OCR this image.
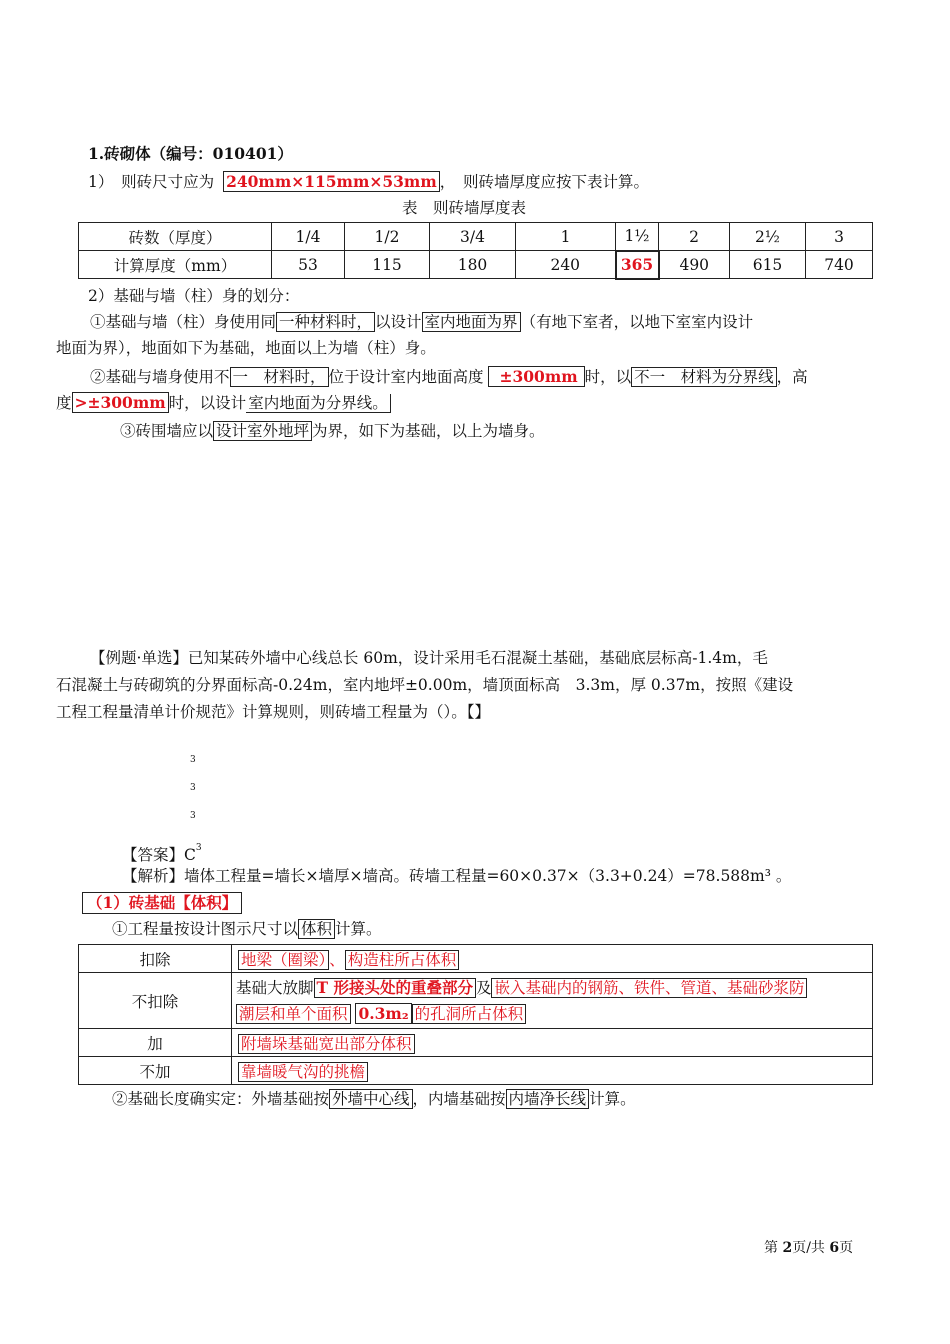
1.砖砌体（编号：010401）
1）　则砖尺寸应为 240mm×115mm×53mm ，　则砖墙厚度应按下表计算。
表　则砖墙厚度表
砖数（厚度）	1/4	1/2	3/4	1	1½	2	2½	3
计算厚度（mm）	53	115	180	240	365	490	615	740
2）基础与墙（柱）身的划分：
①基础与墙（柱）身使用同 一种材料时， 以设计 室内地面为界 （有地下室者，以地下室室内设计
地面为界），地面如下为基础，地面以上为墙（柱）身。
②基础与墙身使用不 一　材料时， 位于设计室内地面高度 ±300mm 时，以 不一　材料为分界线 ，高
度 >±300mm 时，以设计 室内地面为分界线。
③砖围墙应以 设计室外地坪 为界，如下为基础，以上为墙身。
【例题·单选】已知某砖外墙中心线总长 60m，设计采用毛石混凝土基础，基础底层标高-1.4m，毛
石混凝土与砖砌筑的分界面标高-0.24m，室内地坪±0.00m，墙顶面标高　3.3m，厚 0.37m，按照《建设
工程工程量清单计价规范》计算规则，则砖墙工程量为（）。【】
3
3
3
【答案】$C^3$
【解析】墙体工程量=墙长×墙厚×墙高。砖墙工程量=60×0.37×（3.3+0.24）=78.588m³ 。
（1）砖基础【体积】
①工程量按设计图示尺寸以 体积 计算。
扣除	地梁（圈梁） 、 构造柱所占体积
不扣除	基础大放脚 T 形接头处的重叠部分 及 嵌入基础内的钢筋、铁件、管道、基础砂浆防
潮层和单个面积 0.3m₂ 的孔洞所占体积
加	附墙垛基础宽出部分体积
不加	靠墙暖气沟的挑檐
②基础长度确实定：外墙基础按 外墙中心线 ，内墙基础按 内墙净长线 计算。
第 2页/共 6页
